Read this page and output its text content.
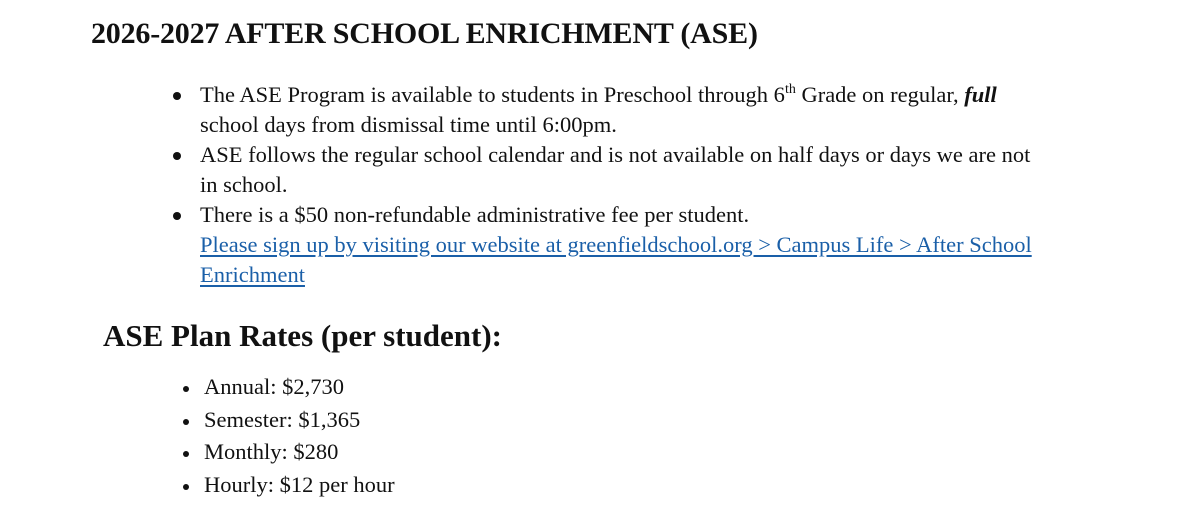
2026-2027 AFTER SCHOOL ENRICHMENT (ASE)
The ASE Program is available to students in Preschool through 6th Grade on regular, full
school days from dismissal time until 6:00pm.
ASE follows the regular school calendar and is not available on half days or days we are not
in school.
There is a $50 non-refundable administrative fee per student.
Please sign up by visiting our website at greenfieldschool.org > Campus Life > After School
Enrichment
ASE Plan Rates (per student):
Annual: $2,730
Semester: $1,365
Monthly: $280
Hourly: $12 per hour
